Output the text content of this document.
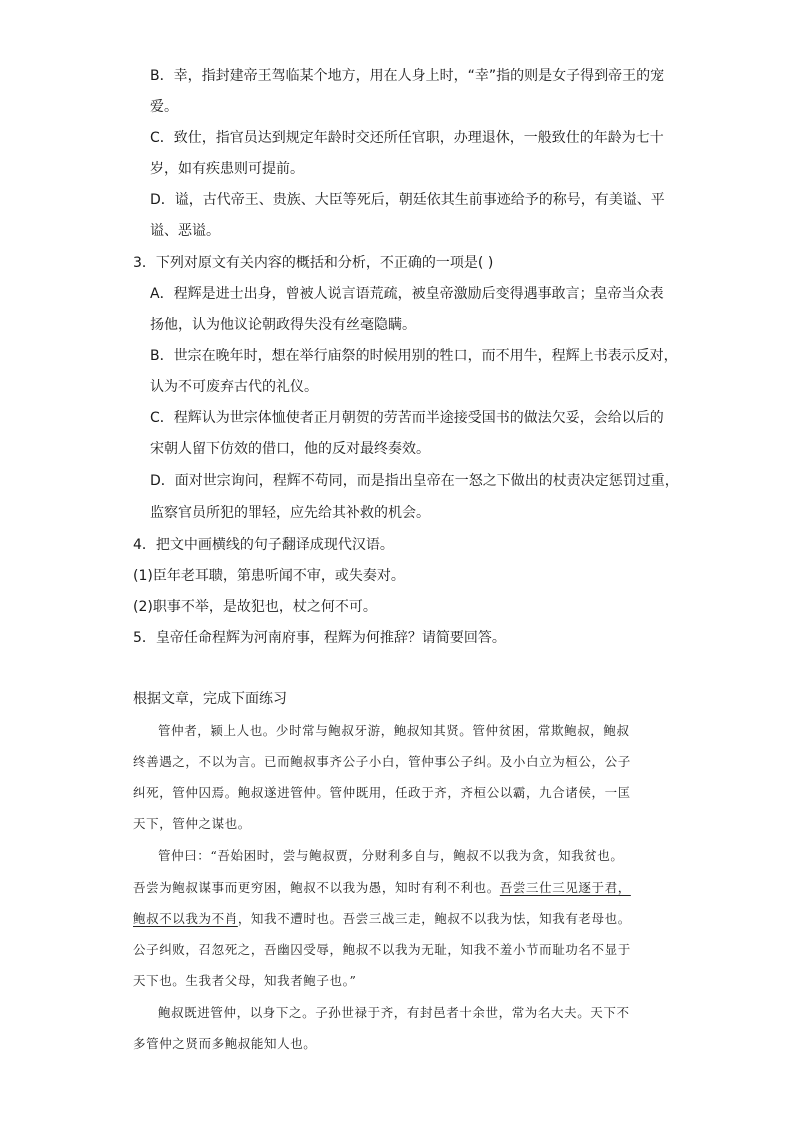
B．幸，指封建帝王驾临某个地方，用在人身上时，“幸”指的则是女子得到帝王的宠
爱。
C．致仕，指官员达到规定年龄时交还所任官职，办理退休，一般致仕的年龄为七十
岁，如有疾患则可提前。
D．谥，古代帝王、贵族、大臣等死后，朝廷依其生前事迹给予的称号，有美谥、平
谥、恶谥。
3．下列对原文有关内容的概括和分析，不正确的一项是( )
A．程辉是进士出身，曾被人说言语荒疏，被皇帝激励后变得遇事敢言；皇帝当众表
扬他，认为他议论朝政得失没有丝毫隐瞒。
B．世宗在晚年时，想在举行庙祭的时候用别的牲口，而不用牛，程辉上书表示反对，
认为不可废弃古代的礼仪。
C．程辉认为世宗体恤使者正月朝贺的劳苦而半途接受国书的做法欠妥，会给以后的
宋朝人留下仿效的借口，他的反对最终奏效。
D．面对世宗询问，程辉不苟同，而是指出皇帝在一怒之下做出的杖责决定惩罚过重，
监察官员所犯的罪轻，应先给其补救的机会。
4．把文中画横线的句子翻译成现代汉语。
(1)臣年老耳聩，第患听闻不审，或失奏对。
(2)职事不举，是故犯也，杖之何不可。
5．皇帝任命程辉为河南府事，程辉为何推辞？请简要回答。
根据文章，完成下面练习
管仲者，颍上人也。少时常与鲍叔牙游，鲍叔知其贤。管仲贫困，常欺鲍叔，鲍叔
终善遇之，不以为言。已而鲍叔事齐公子小白，管仲事公子纠。及小白立为桓公，公子
纠死，管仲囚焉。鲍叔遂进管仲。管仲既用，任政于齐，齐桓公以霸，九合诸侯，一匡
天下，管仲之谋也。
管仲曰：“吾始困时，尝与鲍叔贾，分财利多自与，鲍叔不以我为贪，知我贫也。
吾尝为鲍叔谋事而更穷困，鲍叔不以我为愚，知时有利不利也。吾尝三仕三见逐于君，
鲍叔不以我为不肖，知我不遭时也。吾尝三战三走，鲍叔不以我为怯，知我有老母也。
公子纠败，召忽死之，吾幽囚受辱，鲍叔不以我为无耻，知我不羞小节而耻功名不显于
天下也。生我者父母，知我者鲍子也。”
鲍叔既进管仲，以身下之。子孙世禄于齐，有封邑者十余世，常为名大夫。天下不
多管仲之贤而多鲍叔能知人也。
